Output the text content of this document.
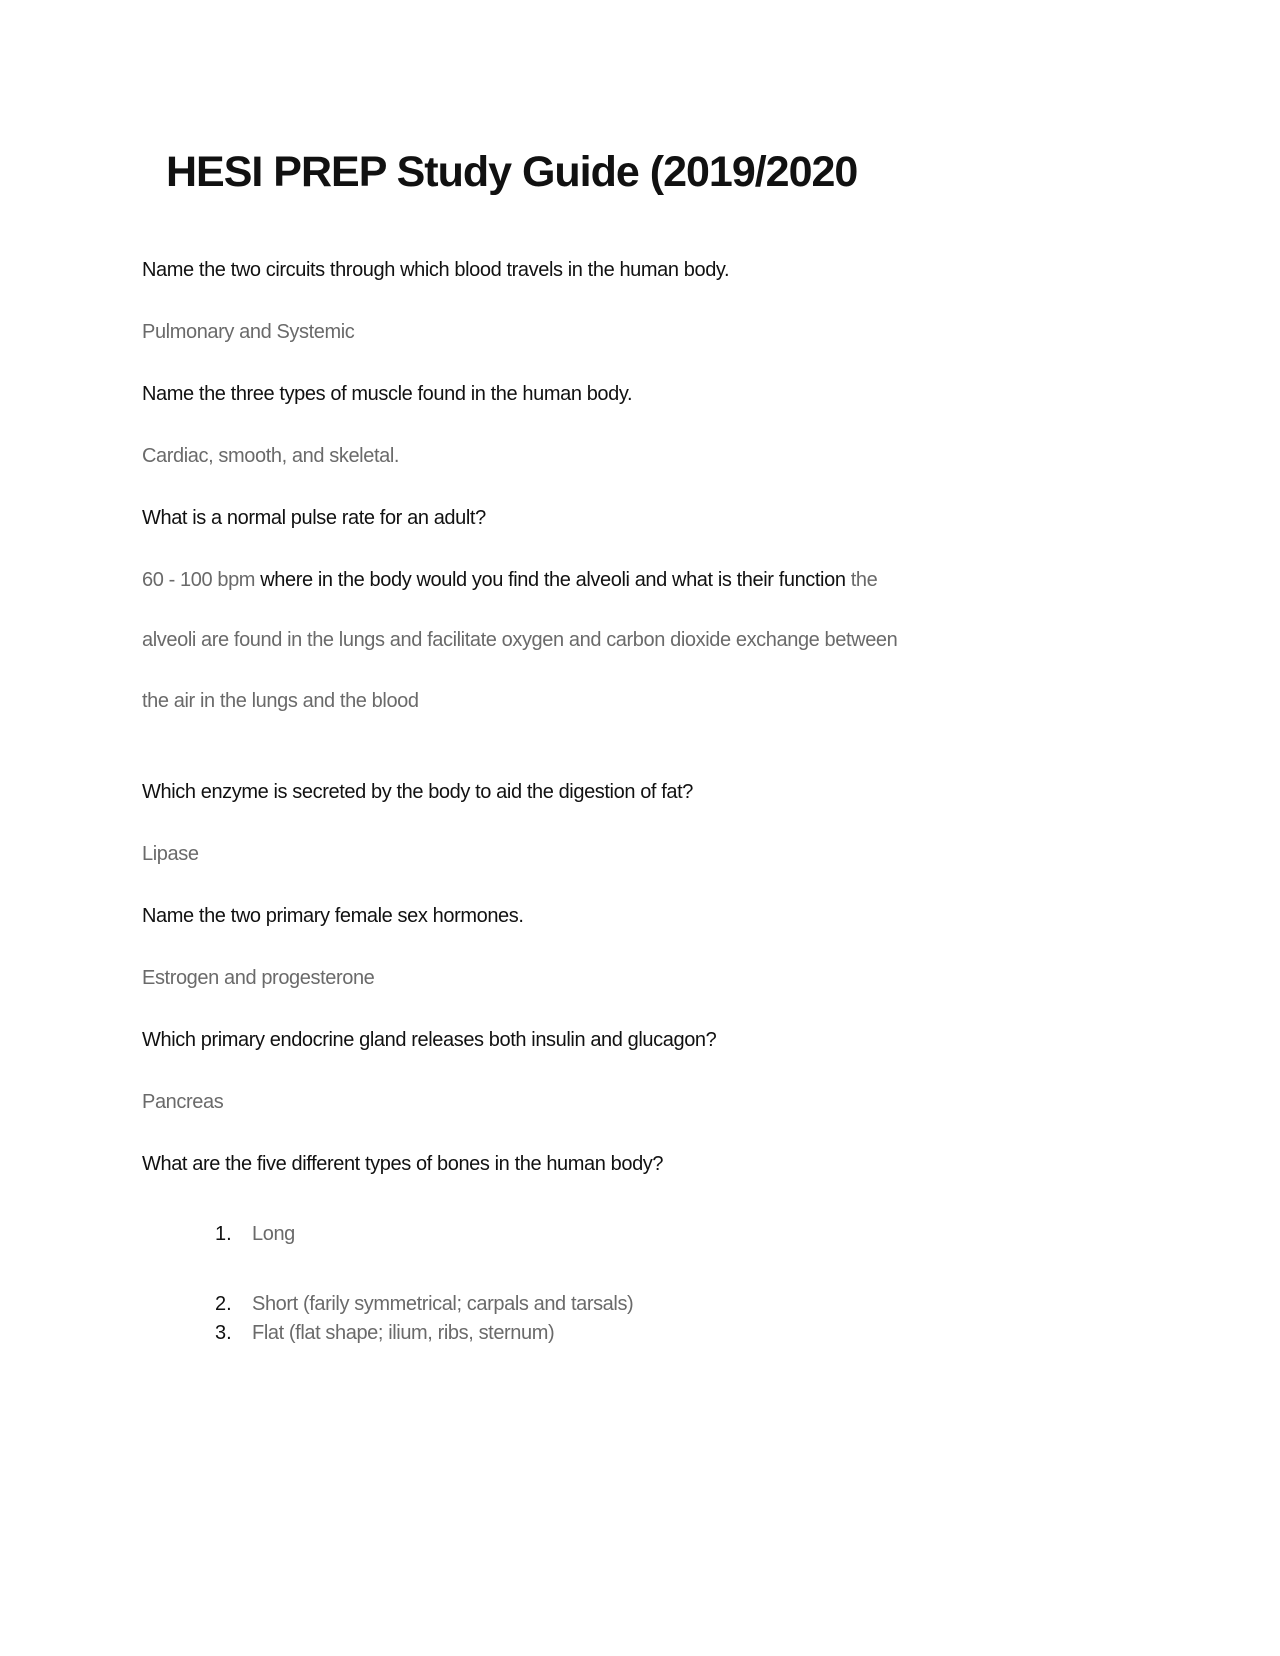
HESI PREP Study Guide (2019/2020
Name the two circuits through which blood travels in the human body.
Pulmonary and Systemic
Name the three types of muscle found in the human body.
Cardiac, smooth, and skeletal.
What is a normal pulse rate for an adult?
60 - 100 bpm where in the body would you find the alveoli and what is their function the
alveoli are found in the lungs and facilitate oxygen and carbon dioxide exchange between
the air in the lungs and the blood
Which enzyme is secreted by the body to aid the digestion of fat?
Lipase
Name the two primary female sex hormones.
Estrogen and progesterone
Which primary endocrine gland releases both insulin and glucagon?
Pancreas
What are the five different types of bones in the human body?
1. Long
2. Short (farily symmetrical; carpals and tarsals)
3. Flat (flat shape; ilium, ribs, sternum)
